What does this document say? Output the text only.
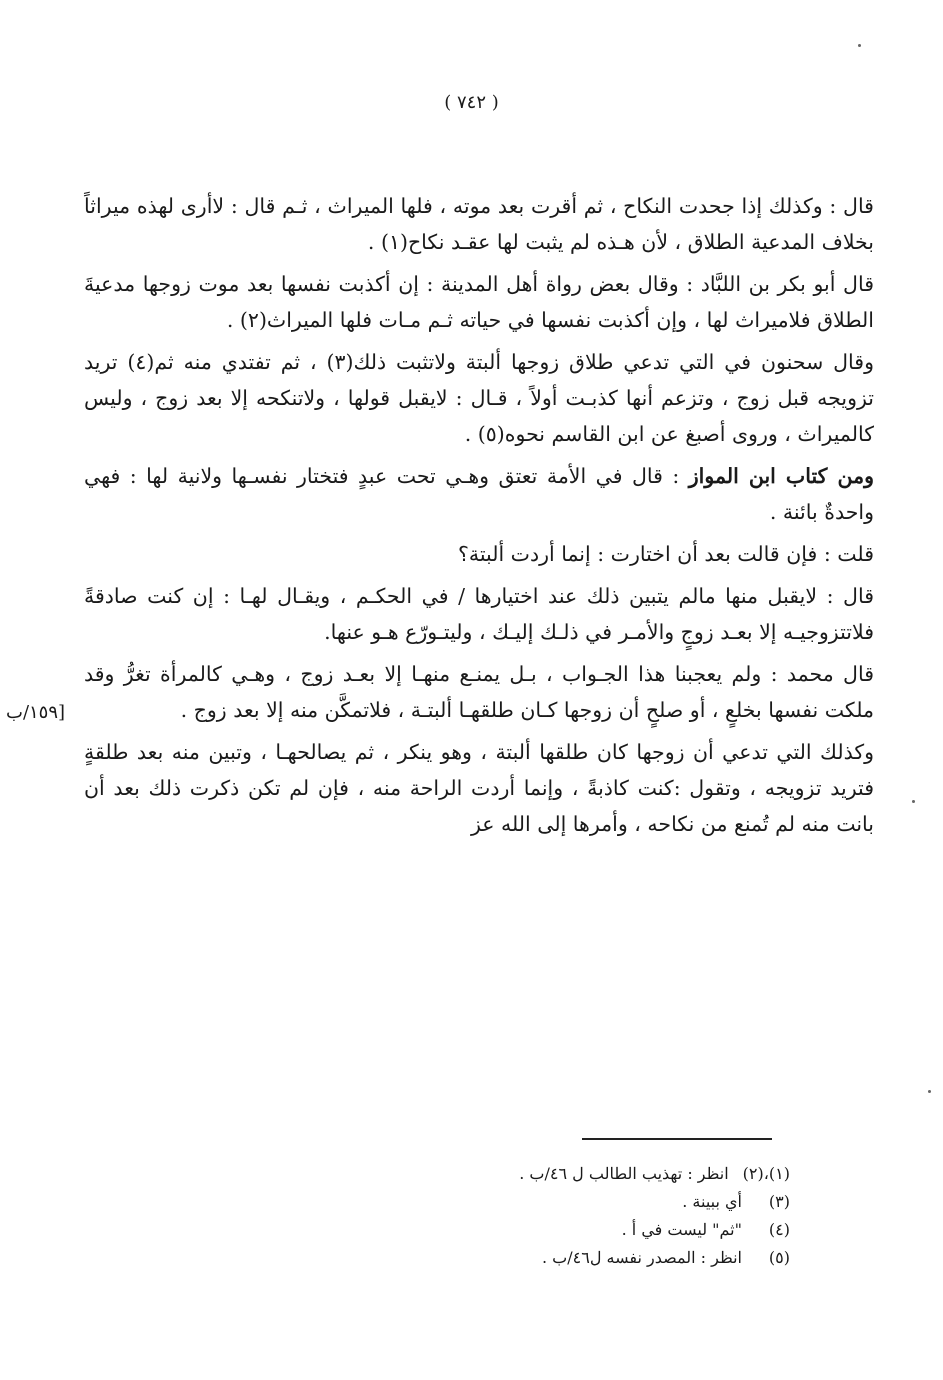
( ٧٤٢ )
[١٥٩/ب

قال : وكذلك إذا جحدت النكاح ، ثم أقرت بعد موته ، فلها الميراث ، ثـم قال : لاأرى لهذه ميراثاً بخلاف المدعية الطلاق ، لأن هـذه لم يثبت لها عقـد نكاح(١) .

قال أبو بكر بن اللبَّاد : وقال بعض رواة أهل المدينة : إن أكذبت نفسها بعد موت زوجها مدعيةَ الطلاق فلاميراث لها ، وإن أكذبت نفسها في حياته ثـم مـات فلها الميراث(٢) .

وقال سحنون في التي تدعي طلاق زوجها ألبتة ولاتثبت ذلك(٣) ، ثم تفتدي منه ثم(٤) تريد تزويجه قبل زوج ، وتزعم أنها كذبـت أولاً ، قـال : لايقبل قولها ، ولاتنكحه إلا بعد زوج ، وليس كالميراث ، وروى أصبغ عن ابن القاسم نحوه(٥) .

ومن كتاب ابن المواز : قال في الأمة تعتق وهـي تحت عبدٍ فتختار نفسـها ولانية لها : فهي واحدةٌ بائنة .

قلت : فإن قالت بعد أن اختارت : إنما أردت ألبتة؟

قال : لايقبل منها مالم يتبين ذلك عند اختيارها / في الحكـم ، ويقـال لهـا : إن كنت صادقةً فلاتتزوجيـه إلا بعـد زوجٍ والأمـر في ذلـك إليـك ، وليتـورّع هـو عنها.

قال محمد : ولم يعجبنا هذا الجـواب ، بـل يمنـع منهـا إلا بعـد زوج ، وهـي كالمرأة تغرُّ وقد ملكت نفسها بخلعٍ ، أو صلحٍ أن زوجها كـان طلقهـا ألبتـة ، فلاتمكَّن منه إلا بعد زوج .

وكذلك التي تدعي أن زوجها كان طلقها ألبتة ، وهو ينكر ، ثم يصالحهـا ، وتبين منه بعد طلقةٍ فتريد تزويجه ، وتقول :كنت كاذبةً ، وإنما أردت الراحة منه ، فإن لم تكن ذكرت ذلك بعد أن بانت منه لم تُمنع من نكاحه ، وأمرها إلى الله عز

(١)،(٢)
انظر : تهذيب الطالب ل ٤٦/ب .
(٣)
أي ببينة .
(٤)
"ثم" ليست في أ .
(٥)
انظر : المصدر نفسه ل٤٦/ب .
